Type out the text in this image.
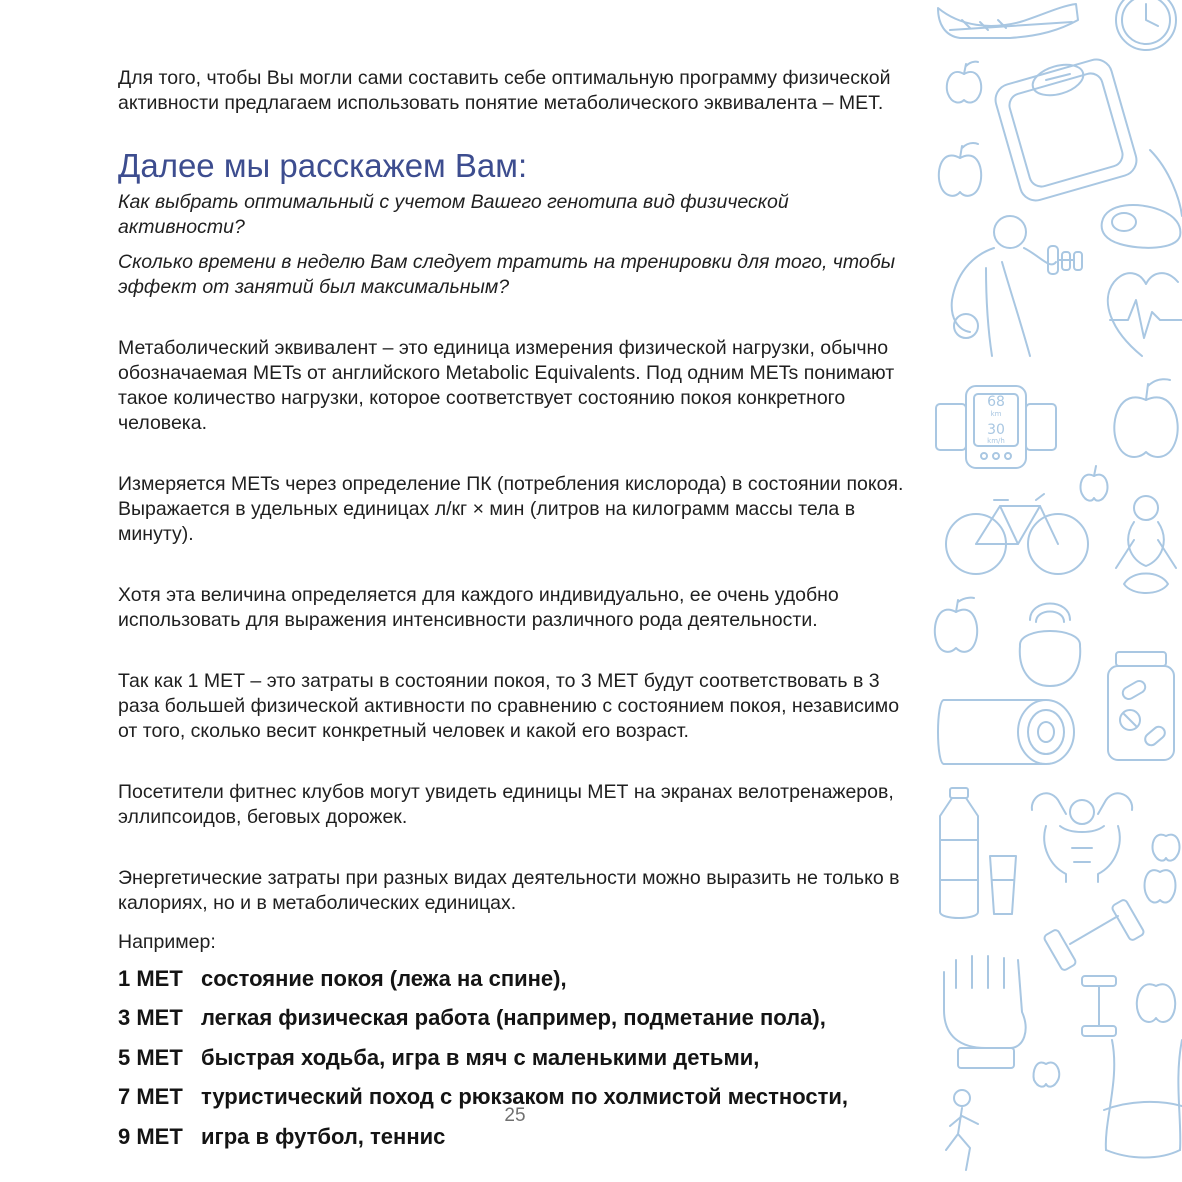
Для того, чтобы Вы могли сами составить себе оптимальную программу физической активности предлагаем использовать понятие метаболического эквивалента – МЕТ.

Далее мы расскажем Вам:

Как выбрать оптимальный с учетом Вашего генотипа вид физической активности?

Сколько времени в неделю Вам следует тратить на тренировки для того, чтобы эффект от занятий был максимальным?

Метаболический эквивалент – это единица измерения физической нагрузки, обычно обозначаемая METs от английского Metabolic Equivalents. Под одним METs понимают такое количество нагрузки, которое соответствует состоянию покоя конкретного человека.

Измеряется METs через определение ПК (потребления кислорода) в состоянии покоя. Выражается в удельных единицах л/кг × мин (литров на килограмм массы тела в минуту).

Хотя эта величина определяется для каждого индивидуально, ее очень удобно использовать для выражения интенсивности различного рода деятельности.

Так как 1 МЕТ – это затраты в состоянии покоя, то 3 МЕТ будут соответствовать в 3 раза большей физической активности по сравнению с состоянием покоя, независимо от того, сколько весит конкретный человек и какой его возраст.

Посетители фитнес клубов могут увидеть единицы МЕТ на экранах велотренажеров, эллипсоидов, беговых дорожек.

Энергетические затраты при разных видах деятельности можно выразить не только в калориях, но и в метаболических единицах.

Например:

1 МЕТ состояние покоя (лежа на спине),
3 МЕТ легкая физическая работа (например, подметание пола),
5 МЕТ быстрая ходьба, игра в мяч с маленькими детьми,
7 МЕТ туристический поход с рюкзаком по холмистой местности,
9 МЕТ игра в футбол, теннис
25
68
km
30
km/h
